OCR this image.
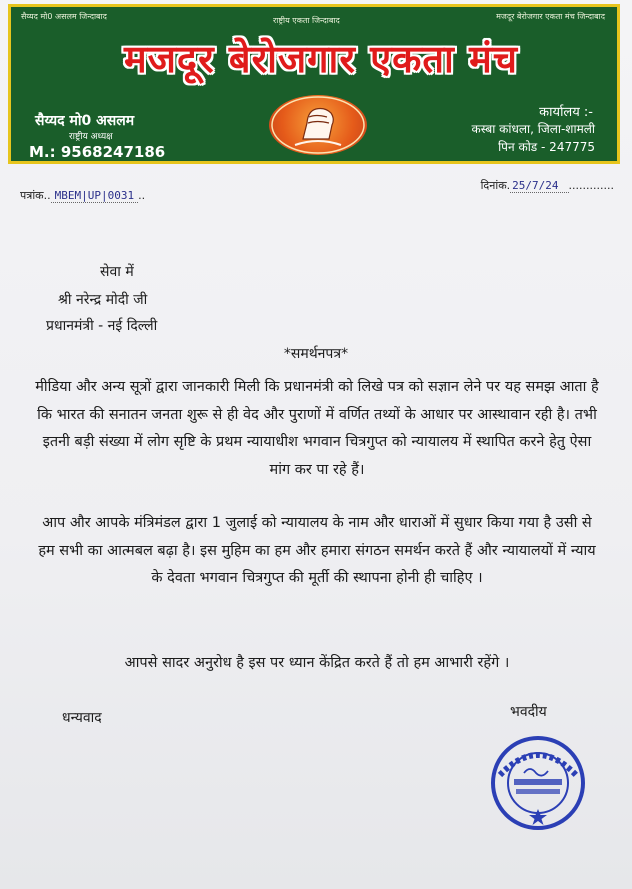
सैय्यद मो0 असलम जिन्दाबाद	राष्ट्रीय एकता जिन्दाबाद	मजदूर बेरोजगार एकता मंच जिन्दाबाद
मजदूर बेरोजगार एकता मंच
सैय्यद मो0 असलम
राष्ट्रीय अध्यक्ष
M.: 9568247186
कार्यालय :-
कस्बा कांधला, जिला-शामली
पिन कोड - 247775
पत्रांक.. MBEM|UP|0031 ..
दिनांक. 25/7/24 .............
सेवा में
श्री नरेन्द्र मोदी जी
प्रधानमंत्री - नई दिल्ली
*समर्थनपत्र*

मीडिया और अन्य सूत्रों द्वारा जानकारी मिली कि प्रधानमंत्री को लिखे पत्र को सज्ञान लेने पर यह समझ आता है कि भारत की सनातन जनता शुरू से ही वेद और पुराणों में वर्णित तथ्यों के आधार पर आस्थावान रही है। तभी इतनी बड़ी संख्या में लोग सृष्टि के प्रथम न्यायाधीश भगवान चित्रगुप्त को न्यायालय में स्थापित करने हेतु ऐसा मांग कर पा रहे हैं।

आप और आपके मंत्रिमंडल द्वारा 1 जुलाई को न्यायालय के नाम और धाराओं में सुधार किया गया है उसी से हम सभी का आत्मबल बढ़ा है। इस मुहिम का हम और हमारा संगठन समर्थन करते हैं और न्यायालयों में न्याय के देवता भगवान चित्रगुप्त की मूर्ती की स्थापना होनी ही चाहिए ।

आपसे सादर अनुरोध है इस पर ध्यान केंद्रित करते हैं तो हम आभारी रहेंगे ।

धन्यवाद	भवदीय
